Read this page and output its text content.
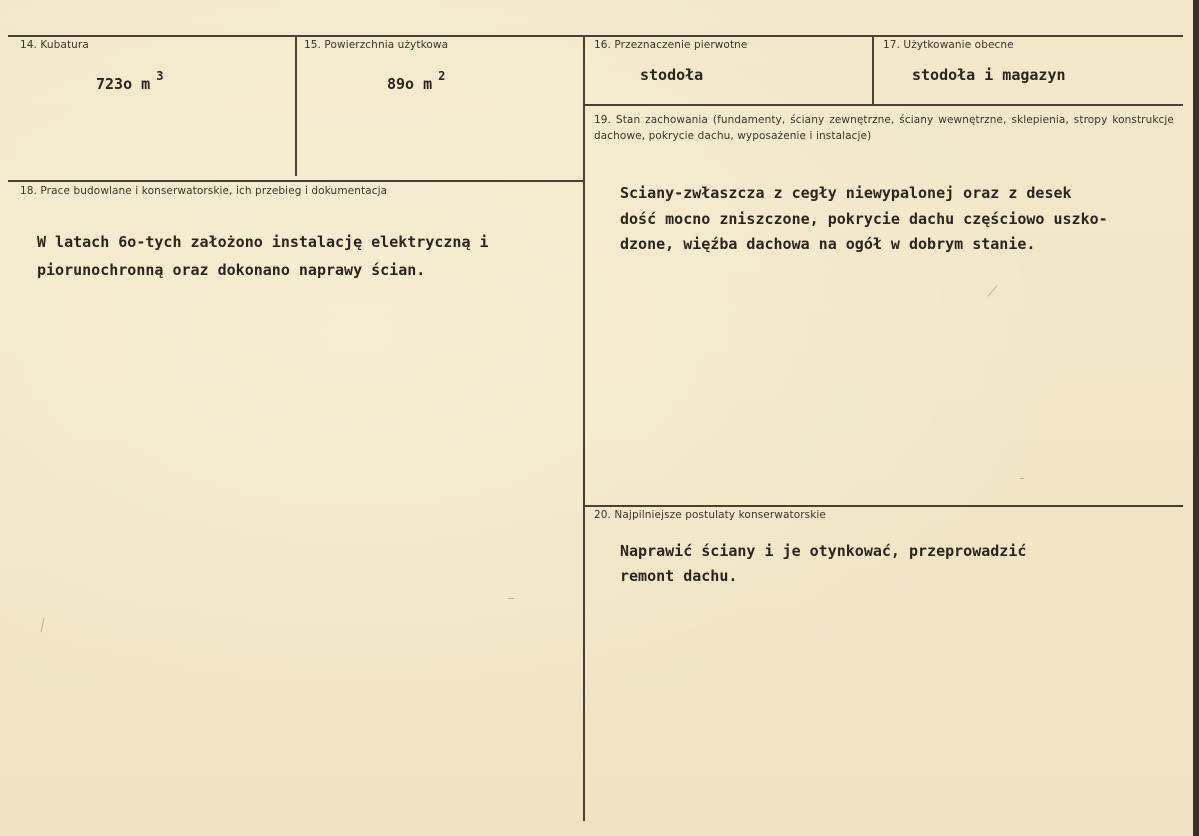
14. Kubatura
723o m $^3$
15. Powierzchnia użytkowa
89o m $^2$
16. Przeznaczenie pierwotne
stodoła
17. Użytkowanie obecne
stodoła i magazyn
18. Prace budowlane i konserwatorskie, ich przebieg i dokumentacja
W latach 6o-tych założono instalację elektryczną i
piorunochronną oraz dokonano naprawy ścian.
19. Stan zachowania (fundamenty, ściany zewnętrzne, ściany wewnętrzne, sklepienia, stropy konstrukcje dachowe, pokrycie dachu, wyposażenie i instalacje)
Sciany-zwłaszcza z cegły niewypalonej oraz z desek
dość mocno zniszczone, pokrycie dachu częściowo uszko-
dzone, więźba dachowa na ogół w dobrym stanie.
20. Najpilniejsze postulaty konserwatorskie
Naprawić ściany i je otynkować, przeprowadzić
remont dachu.
